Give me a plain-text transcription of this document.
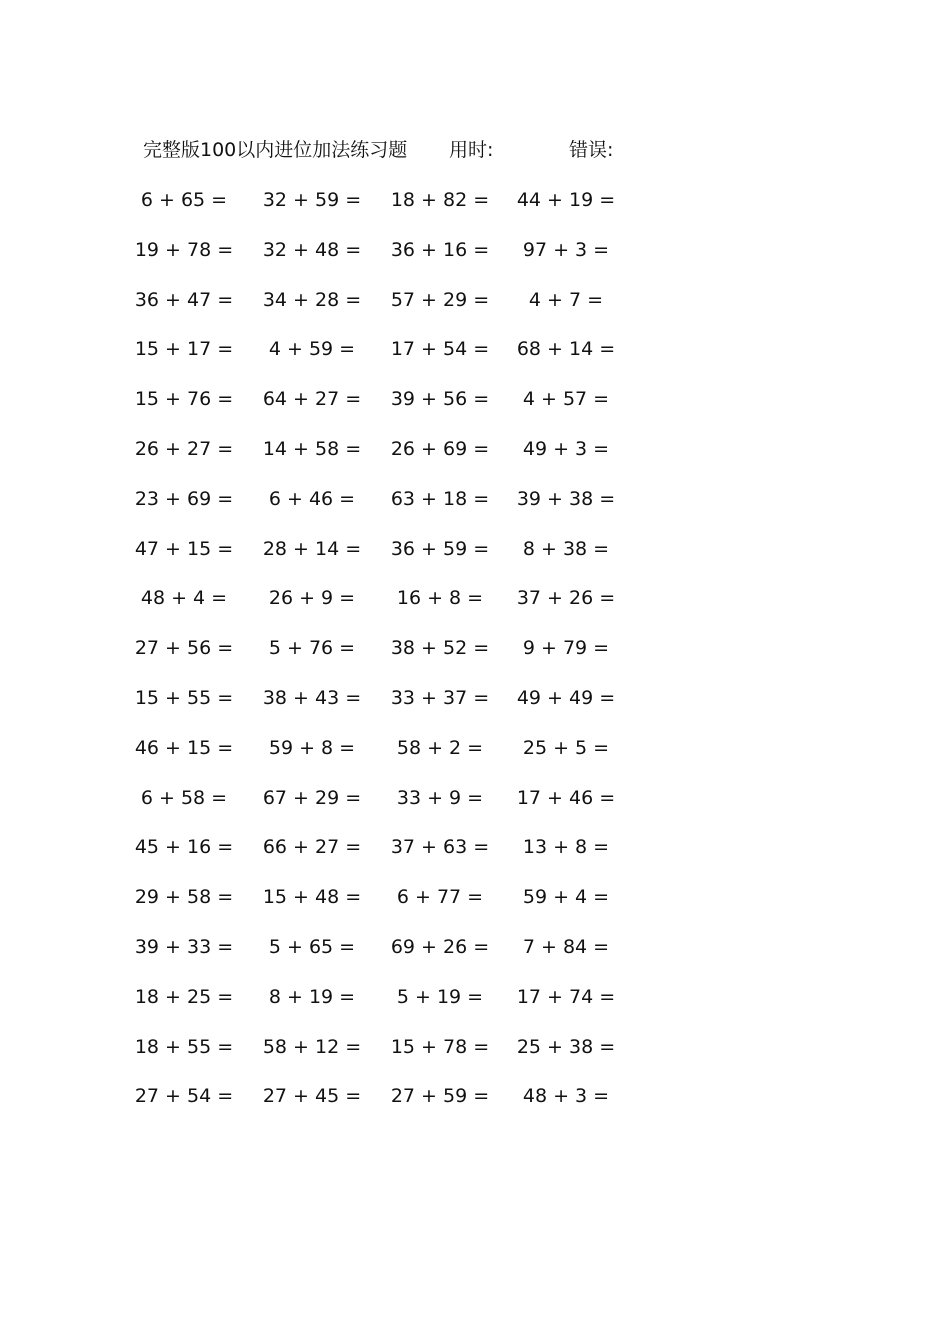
完整版100以内进位加法练习题 用时:	错误:
6 + 65 =	32 + 59 = 18 + 82 = 44 + 19 =
19 + 78 = 32 + 48 = 36 + 16 =	97 + 3 =
36 + 47 = 34 + 28 = 57 + 29 =	4 + 7 =
15 + 17 =	4 + 59 =	17 + 54 = 68 + 14 =
15 + 76 = 64 + 27 = 39 + 56 =	4 + 57 =
26 + 27 = 14 + 58 = 26 + 69 =	49 + 3 =
23 + 69 =	6 + 46 =	63 + 18 = 39 + 38 =
47 + 15 = 28 + 14 = 36 + 59 =	8 + 38 =
48 + 4 =	26 + 9 =	16 + 8 =	37 + 26 =
27 + 56 =	5 + 76 =	38 + 52 =	9 + 79 =
15 + 55 = 38 + 43 = 33 + 37 = 49 + 49 =
46 + 15 =	59 + 8 =	58 + 2 =	25 + 5 =
6 + 58 =	67 + 29 =	33 + 9 =	17 + 46 =
45 + 16 = 66 + 27 = 37 + 63 =	13 + 8 =
29 + 58 = 15 + 48 =	6 + 77 =	59 + 4 =
39 + 33 =	5 + 65 =	69 + 26 =	7 + 84 =
18 + 25 =	8 + 19 =	5 + 19 =	17 + 74 =
18 + 55 = 58 + 12 = 15 + 78 = 25 + 38 =
27 + 54 = 27 + 45 = 27 + 59 =	48 + 3 =
